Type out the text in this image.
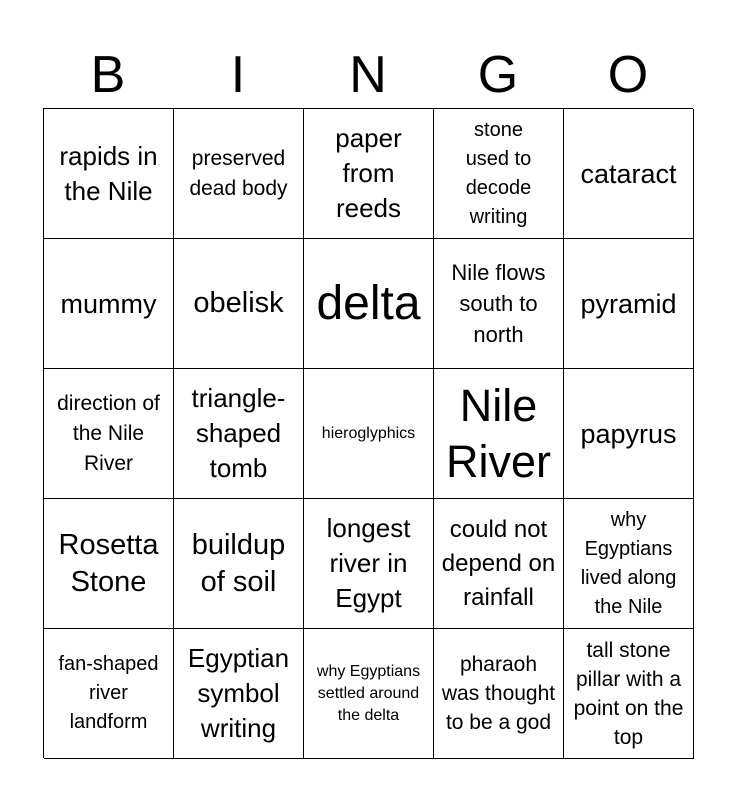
B	I	N	G	O
rapids in the Nile
preserved dead body
paper from reeds
stone used to decode writing
cataract
mummy obelisk delta
Nile flows south to north
pyramid
direction of the Nile River
triangle-shaped tomb
hieroglyphics
Nile River
papyrus
Rosetta Stone
buildup of soil
longest river in Egypt
could not depend on rainfall
why Egyptians lived along the Nile
fan-shaped river landform
Egyptian symbol writing
why Egyptians settled around the delta
pharaoh was thought to be a god
tall stone pillar with a point on the top
